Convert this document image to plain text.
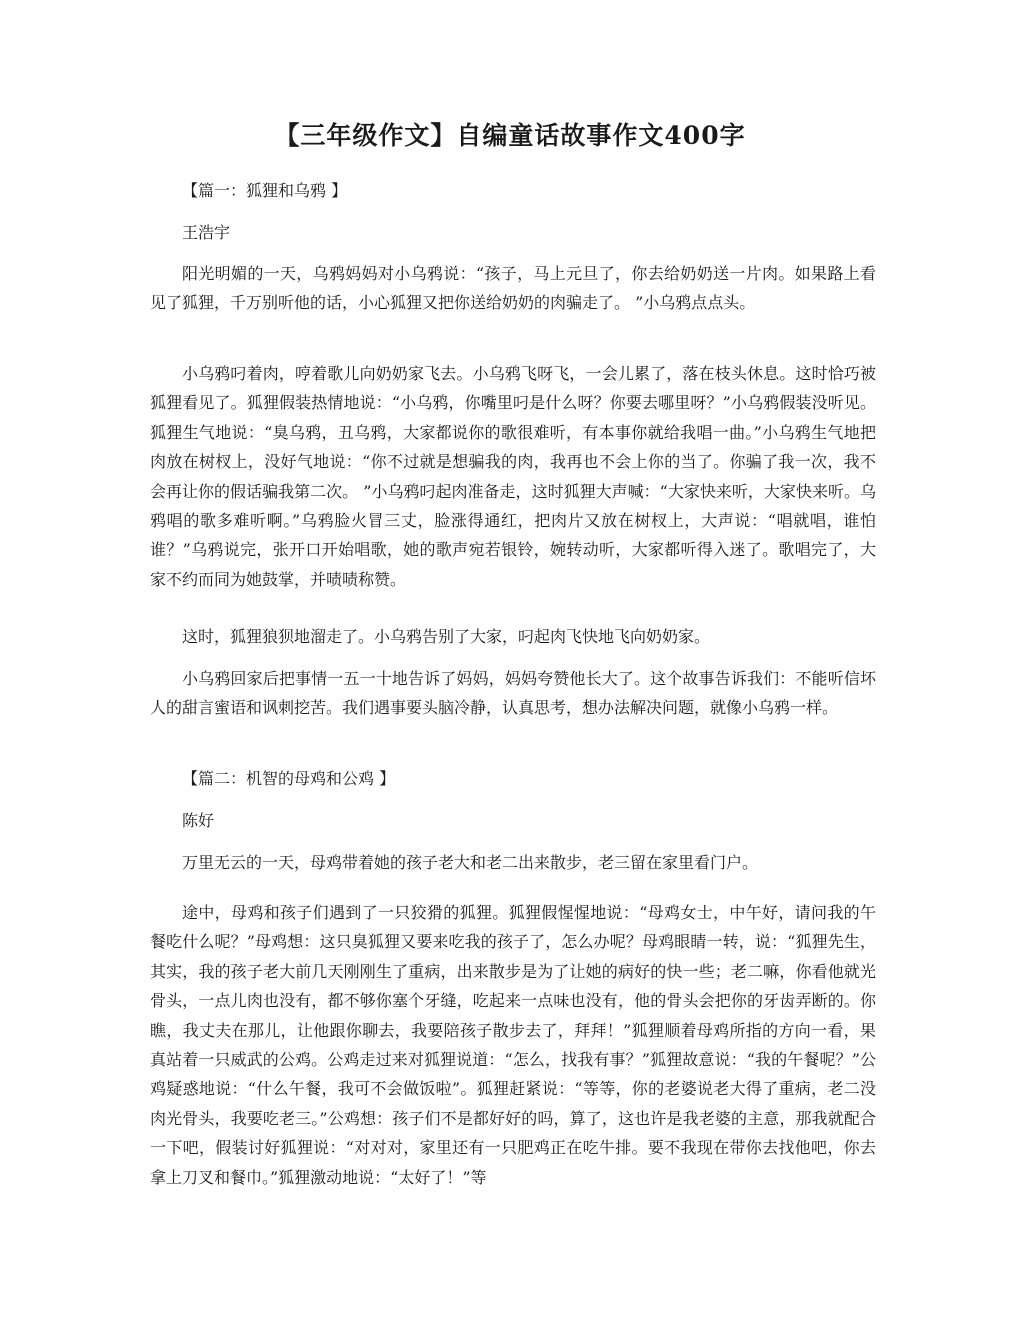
【三年级作文】自编童话故事作文400字

【篇一：狐狸和乌鸦 】

王浩宇

阳光明媚的一天，乌鸦妈妈对小乌鸦说：“孩子，马上元旦了，你去给奶奶送一片肉。如果路上看见了狐狸，千万别听他的话，小心狐狸又把你送给奶奶的肉骗走了。 ”小乌鸦点点头。

小乌鸦叼着肉，哼着歌儿向奶奶家飞去。小乌鸦飞呀飞，一会儿累了，落在枝头休息。这时恰巧被狐狸看见了。狐狸假装热情地说：“小乌鸦，你嘴里叼是什么呀？你要去哪里呀？”小乌鸦假装没听见。狐狸生气地说：“臭乌鸦，丑乌鸦，大家都说你的歌很难听，有本事你就给我唱一曲。”小乌鸦生气地把肉放在树杈上，没好气地说：“你不过就是想骗我的肉，我再也不会上你的当了。你骗了我一次，我不会再让你的假话骗我第二次。 ”小乌鸦叼起肉准备走，这时狐狸大声喊：“大家快来听，大家快来听。乌鸦唱的歌多难听啊。”乌鸦脸火冒三丈，脸涨得通红，把肉片又放在树杈上，大声说：“唱就唱，谁怕谁？”乌鸦说完，张开口开始唱歌，她的歌声宛若银铃，婉转动听，大家都听得入迷了。歌唱完了，大家不约而同为她鼓掌，并啧啧称赞。

这时，狐狸狼狈地溜走了。小乌鸦告别了大家，叼起肉飞快地飞向奶奶家。

小乌鸦回家后把事情一五一十地告诉了妈妈，妈妈夸赞他长大了。这个故事告诉我们：不能听信坏人的甜言蜜语和讽刺挖苦。我们遇事要头脑冷静，认真思考，想办法解决问题，就像小乌鸦一样。

【篇二：机智的母鸡和公鸡 】

陈好

万里无云的一天，母鸡带着她的孩子老大和老二出来散步，老三留在家里看门户。

途中，母鸡和孩子们遇到了一只狡猾的狐狸。狐狸假惺惺地说：“母鸡女士，中午好，请问我的午餐吃什么呢？”母鸡想：这只臭狐狸又要来吃我的孩子了，怎么办呢？母鸡眼睛一转，说：“狐狸先生，其实，我的孩子老大前几天刚刚生了重病，出来散步是为了让她的病好的快一些；老二嘛，你看他就光骨头，一点儿肉也没有，都不够你塞个牙缝，吃起来一点味也没有，他的骨头会把你的牙齿弄断的。你瞧，我丈夫在那儿，让他跟你聊去，我要陪孩子散步去了，拜拜！”狐狸顺着母鸡所指的方向一看，果真站着一只威武的公鸡。公鸡走过来对狐狸说道：“怎么，找我有事？”狐狸故意说：“我的午餐呢？”公鸡疑惑地说：“什么午餐，我可不会做饭啦”。狐狸赶紧说：“等等，你的老婆说老大得了重病，老二没肉光骨头，我要吃老三。”公鸡想：孩子们不是都好好的吗，算了，这也许是我老婆的主意，那我就配合一下吧，假装讨好狐狸说：“对对对，家里还有一只肥鸡正在吃牛排。要不我现在带你去找他吧，你去拿上刀叉和餐巾。”狐狸激动地说：“太好了！”等
